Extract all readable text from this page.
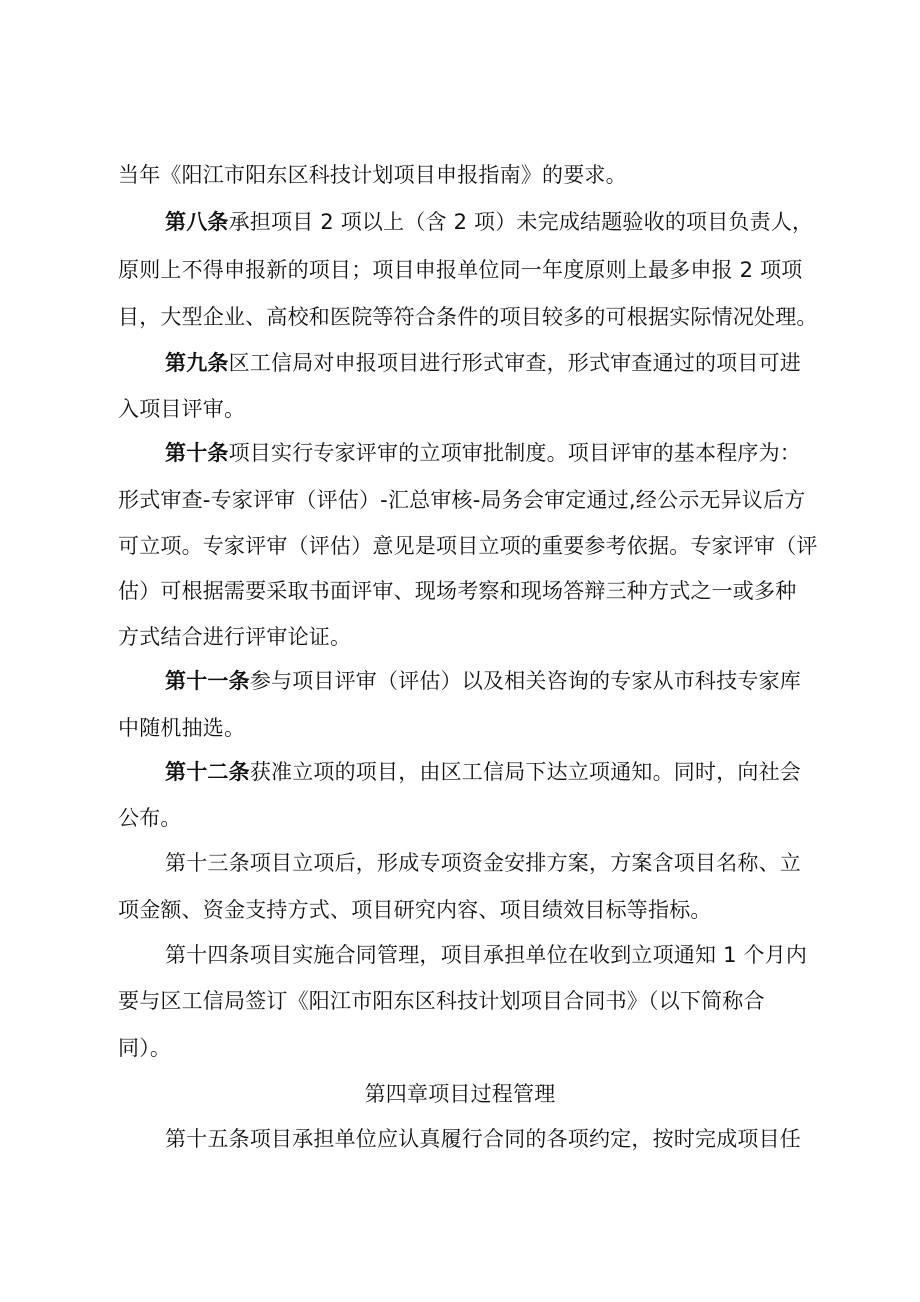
当年《阳江市阳东区科技计划项目申报指南》的要求。
第八条承担项目 2 项以上（含 2 项）未完成结题验收的项目负责人，
原则上不得申报新的项目；项目申报单位同一年度原则上最多申报 2 项项
目，大型企业、高校和医院等符合条件的项目较多的可根据实际情况处理。
第九条区工信局对申报项目进行形式审查，形式审查通过的项目可进
入项目评审。
第十条项目实行专家评审的立项审批制度。项目评审的基本程序为：
形式审查-专家评审（评估）-汇总审核-局务会审定通过,经公示无异议后方
可立项。专家评审（评估）意见是项目立项的重要参考依据。专家评审（评
估）可根据需要采取书面评审、现场考察和现场答辩三种方式之一或多种
方式结合进行评审论证。
第十一条参与项目评审（评估）以及相关咨询的专家从市科技专家库
中随机抽选。
第十二条获准立项的项目，由区工信局下达立项通知。同时，向社会
公布。
第十三条项目立项后，形成专项资金安排方案，方案含项目名称、立
项金额、资金支持方式、项目研究内容、项目绩效目标等指标。
第十四条项目实施合同管理，项目承担单位在收到立项通知 1 个月内
要与区工信局签订《阳江市阳东区科技计划项目合同书》（以下简称合
同）。
第四章项目过程管理
第十五条项目承担单位应认真履行合同的各项约定，按时完成项目任
